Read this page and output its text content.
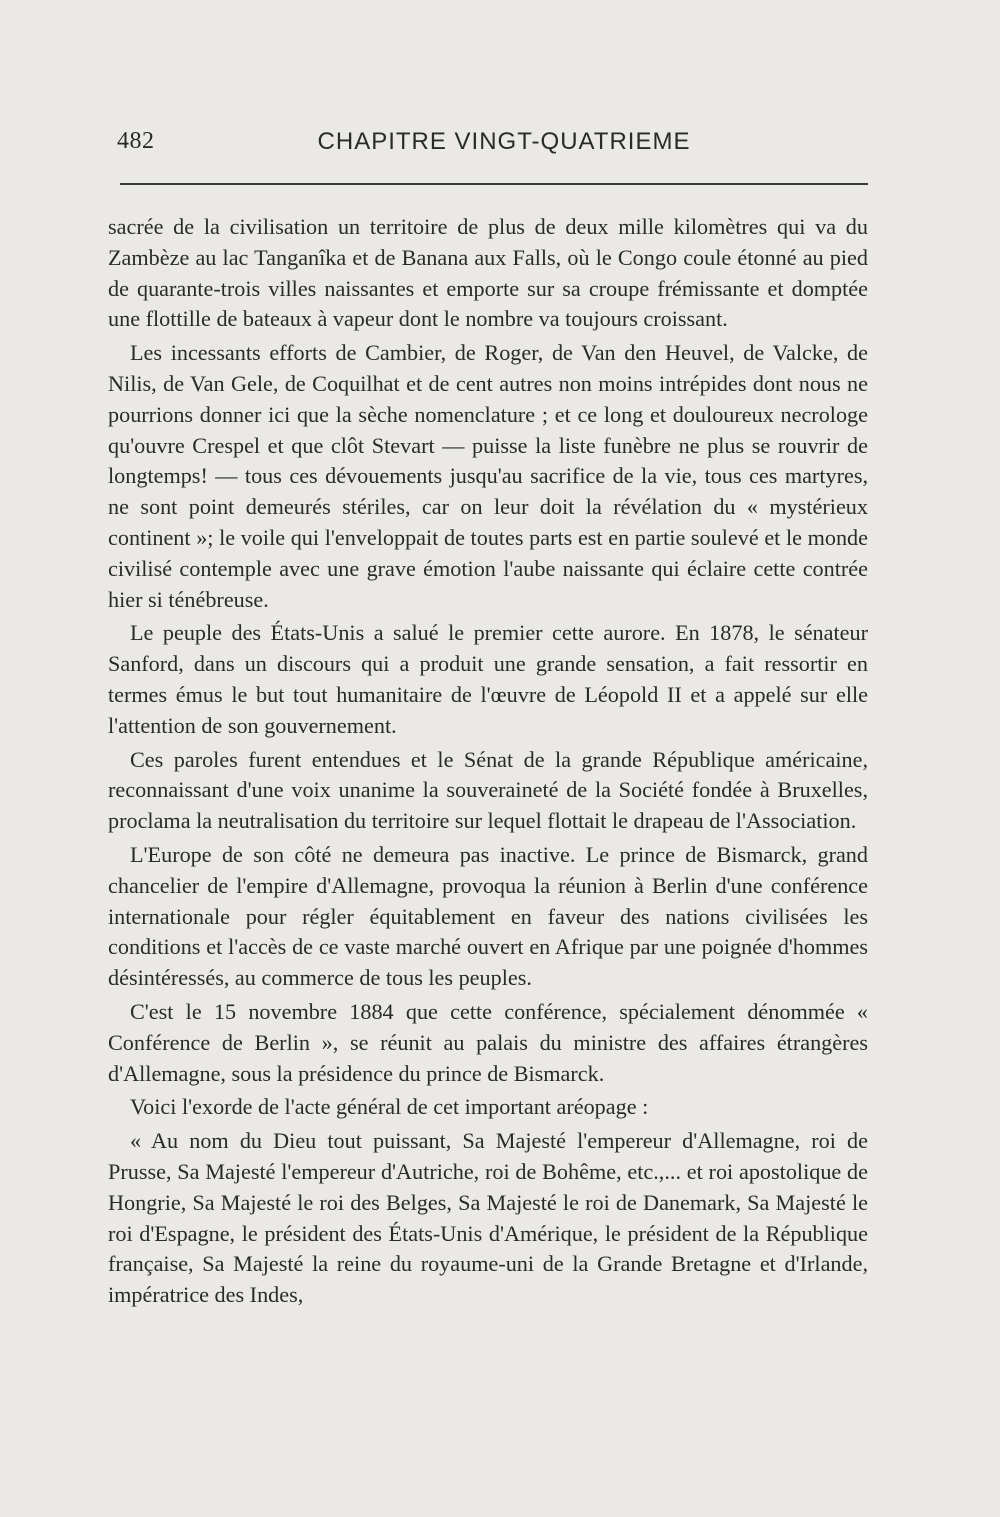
482	CHAPITRE VINGT-QUATRIEME

sacrée de la civilisation un territoire de plus de deux mille kilomètres qui va du Zambèze au lac Tanganîka et de Banana aux Falls, où le Congo coule étonné au pied de quarante-trois villes naissantes et emporte sur sa croupe frémissante et domptée une flottille de bateaux à vapeur dont le nombre va toujours croissant.

Les incessants efforts de Cambier, de Roger, de Van den Heuvel, de Valcke, de Nilis, de Van Gele, de Coquilhat et de cent autres non moins intrépides dont nous ne pourrions donner ici que la sèche nomenclature ; et ce long et douloureux necrologe qu'ouvre Crespel et que clôt Stevart — puisse la liste funèbre ne plus se rouvrir de longtemps! — tous ces dévouements jusqu'au sacrifice de la vie, tous ces martyres, ne sont point demeurés stériles, car on leur doit la révélation du « mystérieux continent »; le voile qui l'enveloppait de toutes parts est en partie soulevé et le monde civilisé contemple avec une grave émotion l'aube naissante qui éclaire cette contrée hier si ténébreuse.

Le peuple des États-Unis a salué le premier cette aurore. En 1878, le sénateur Sanford, dans un discours qui a produit une grande sensation, a fait ressortir en termes émus le but tout humanitaire de l'œuvre de Léopold II et a appelé sur elle l'attention de son gouvernement.

Ces paroles furent entendues et le Sénat de la grande République américaine, reconnaissant d'une voix unanime la souveraineté de la Société fondée à Bruxelles, proclama la neutralisation du territoire sur lequel flottait le drapeau de l'Association.

L'Europe de son côté ne demeura pas inactive. Le prince de Bismarck, grand chancelier de l'empire d'Allemagne, provoqua la réunion à Berlin d'une conférence internationale pour régler équitablement en faveur des nations civilisées les conditions et l'accès de ce vaste marché ouvert en Afrique par une poignée d'hommes désintéressés, au commerce de tous les peuples.

C'est le 15 novembre 1884 que cette conférence, spécialement dénommée « Conférence de Berlin », se réunit au palais du ministre des affaires étrangères d'Allemagne, sous la présidence du prince de Bismarck.

Voici l'exorde de l'acte général de cet important aréopage :

« Au nom du Dieu tout puissant, Sa Majesté l'empereur d'Allemagne, roi de Prusse, Sa Majesté l'empereur d'Autriche, roi de Bohême, etc.,... et roi apostolique de Hongrie, Sa Majesté le roi des Belges, Sa Majesté le roi de Danemark, Sa Majesté le roi d'Espagne, le président des États-Unis d'Amérique, le président de la République française, Sa Majesté la reine du royaume-uni de la Grande Bretagne et d'Irlande, impératrice des Indes,
